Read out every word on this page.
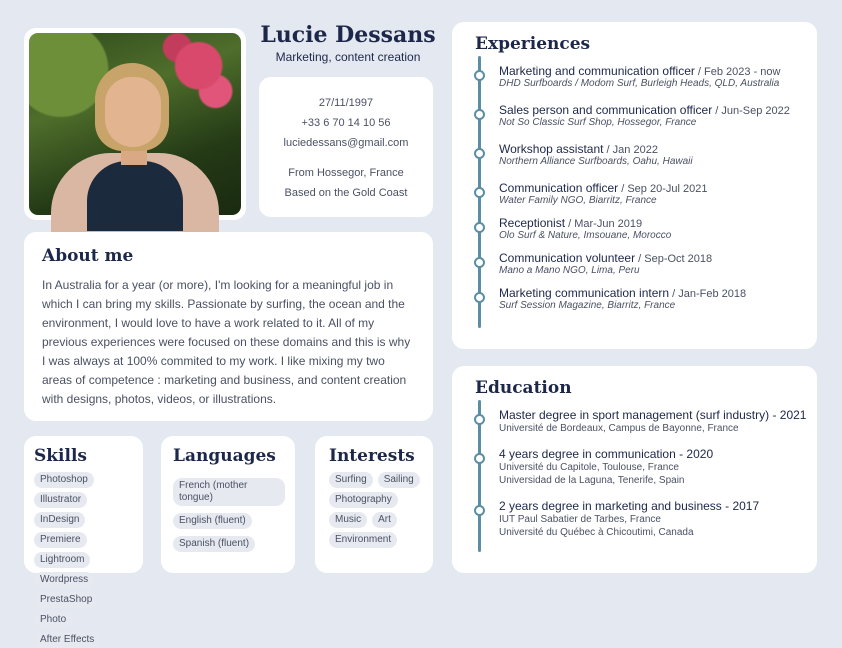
Lucie Dessans
Marketing, content creation
27/11/1997
+33 6 70 14 10 56
luciedessans@gmail.com
From Hossegor, France
Based on the Gold Coast
About me
In Australia for a year (or more), I'm looking for a meaningful job in which I can bring my skills. Passionate by surfing, the ocean and the environment, I would love to have a work related to it. All of my previous experiences were focused on these domains and this is why I was always at 100% commited to my work. I like mixing my two areas of competence : marketing and business, and content creation with designs, photos, videos, or illustrations.
Skills
Photoshop
Illustrator
InDesign
Premiere
Lightroom
Wordpress
PrestaShop
Photo
After Effects
Languages
French (mother tongue)
English (fluent)
Spanish (fluent)
Interests
Surfing	Sailing
Photography
Music	Art
Environment
Experiences
Marketing and communication officer / Feb 2023 - now
DHD Surfboards / Modom Surf, Burleigh Heads, QLD, Australia
Sales person and communication officer / Jun-Sep 2022
Not So Classic Surf Shop, Hossegor, France
Workshop assistant / Jan 2022
Northern Alliance Surfboards, Oahu, Hawaii
Communication officer / Sep 20-Jul 2021
Water Family NGO, Biarritz, France
Receptionist / Mar-Jun 2019
Olo Surf & Nature, Imsouane, Morocco
Communication volunteer / Sep-Oct 2018
Mano a Mano NGO, Lima, Peru
Marketing communication intern / Jan-Feb 2018
Surf Session Magazine, Biarritz, France
Education
Master degree in sport management (surf industry) - 2021
Université de Bordeaux, Campus de Bayonne, France
4 years degree in communication - 2020
Université du Capitole, Toulouse, France
Universidad de la Laguna, Tenerife, Spain
2 years degree in marketing and business - 2017
IUT Paul Sabatier de Tarbes, France
Université du Québec à Chicoutimi, Canada
